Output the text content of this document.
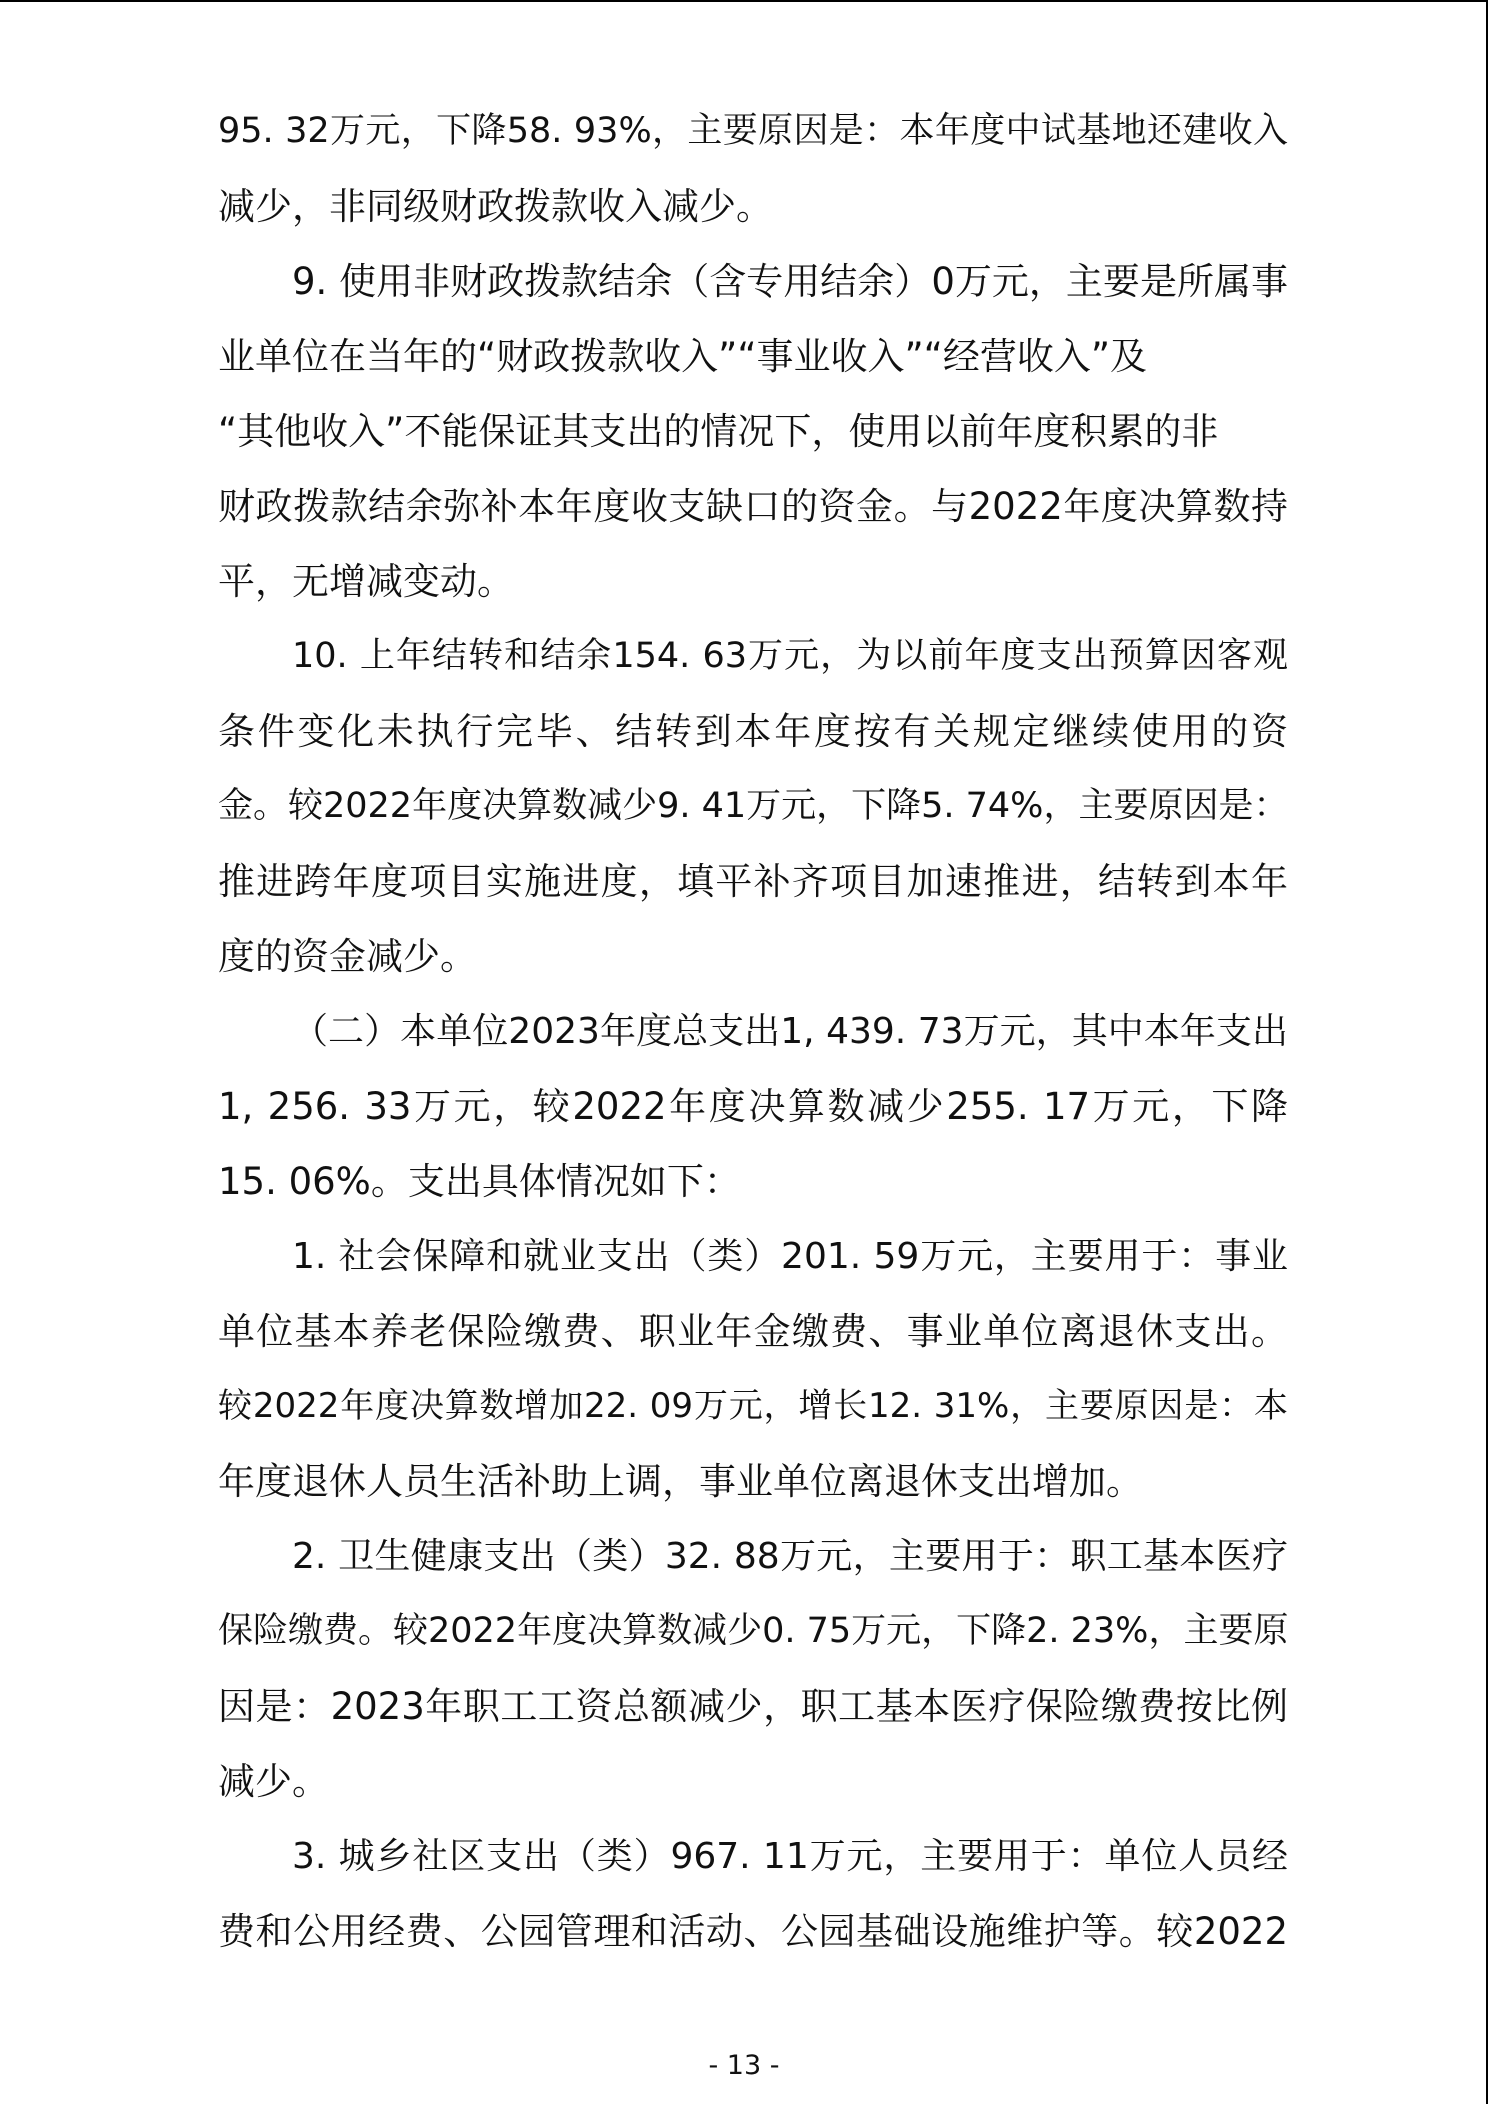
95. 32万元，下降58. 93%，主要原因是：本年度中试基地还建收入
减少，非同级财政拨款收入减少。
9. 使用非财政拨款结余（含专用结余）0万元，主要是所属事
业单位在当年的“财政拨款收入”“事业收入”“经营收入”及
“其他收入”不能保证其支出的情况下，使用以前年度积累的非
财政拨款结余弥补本年度收支缺口的资金。与2022年度决算数持
平，无增减变动。
10. 上年结转和结余154. 63万元，为以前年度支出预算因客观
条件变化未执行完毕、结转到本年度按有关规定继续使用的资
金。较2022年度决算数减少9. 41万元，下降5. 74%，主要原因是：
推进跨年度项目实施进度，填平补齐项目加速推进，结转到本年
度的资金减少。
（二）本单位2023年度总支出1, 439. 73万元，其中本年支出
1, 256. 33万元，较2022年度决算数减少255. 17万元，下降
15. 06%。支出具体情况如下：
1. 社会保障和就业支出（类）201. 59万元，主要用于：事业
单位基本养老保险缴费、职业年金缴费、事业单位离退休支出。
较2022年度决算数增加22. 09万元，增长12. 31%，主要原因是：本
年度退休人员生活补助上调，事业单位离退休支出增加。
2. 卫生健康支出（类）32. 88万元，主要用于：职工基本医疗
保险缴费。较2022年度决算数减少0. 75万元，下降2. 23%，主要原
因是：2023年职工工资总额减少，职工基本医疗保险缴费按比例
减少。
3. 城乡社区支出（类）967. 11万元，主要用于：单位人员经
费和公用经费、公园管理和活动、公园基础设施维护等。较2022
- 13 -
